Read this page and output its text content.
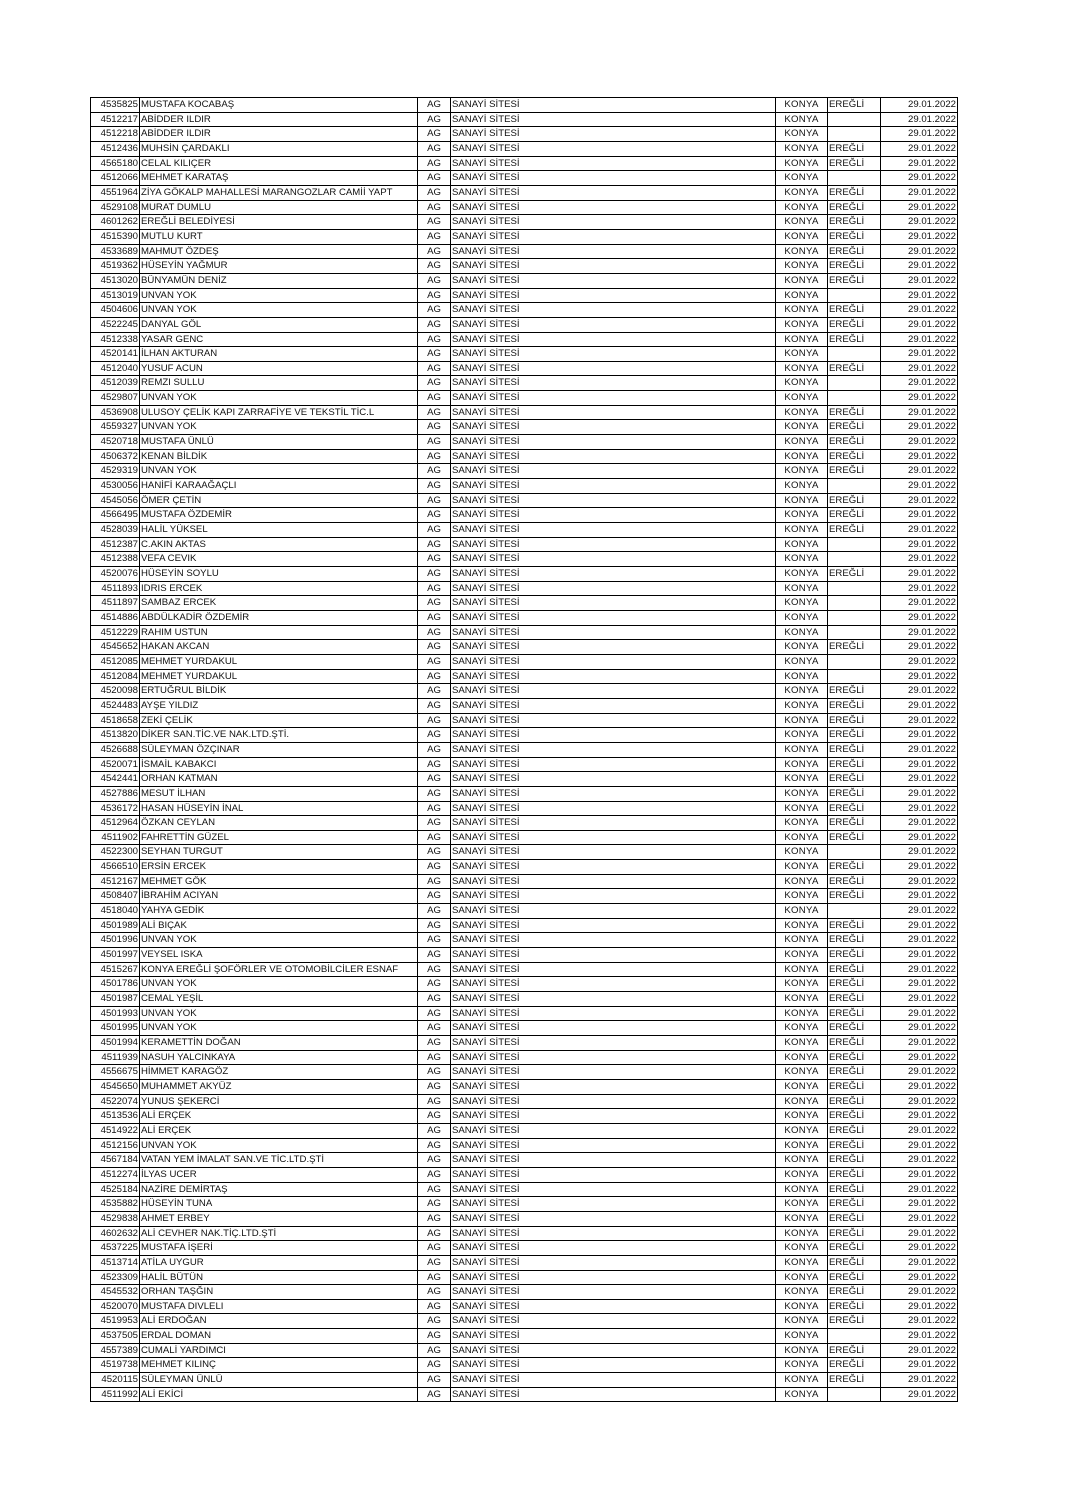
4535825	MUSTAFA KOCABAŞ	AG	SANAYİ SİTESİ	KONYA	EREĞLİ	29.01.2022
4512217	ABİDDER ILDIR	AG	SANAYİ SİTESİ	KONYA		29.01.2022
4512218	ABİDDER ILDIR	AG	SANAYİ SİTESİ	KONYA		29.01.2022
4512436	MUHSİN ÇARDAKLI	AG	SANAYİ SİTESİ	KONYA	EREĞLİ	29.01.2022
4565180	CELAL KILIÇER	AG	SANAYİ SİTESİ	KONYA	EREĞLİ	29.01.2022
4512066	MEHMET KARATAŞ	AG	SANAYİ SİTESİ	KONYA		29.01.2022
4551964	ZİYA GÖKALP MAHALLESİ MARANGOZLAR CAMİİ YAPT	AG	SANAYİ SİTESİ	KONYA	EREĞLİ	29.01.2022
4529108	MURAT DUMLU	AG	SANAYİ SİTESİ	KONYA	EREĞLİ	29.01.2022
4601262	EREĞLİ BELEDİYESİ	AG	SANAYİ SİTESİ	KONYA	EREĞLİ	29.01.2022
4515390	MUTLU KURT	AG	SANAYİ SİTESİ	KONYA	EREĞLİ	29.01.2022
4533689	MAHMUT ÖZDEŞ	AG	SANAYİ SİTESİ	KONYA	EREĞLİ	29.01.2022
4519362	HÜSEYİN YAĞMUR	AG	SANAYİ SİTESİ	KONYA	EREĞLİ	29.01.2022
4513020	BÜNYAMÜN DENİZ	AG	SANAYİ SİTESİ	KONYA	EREĞLİ	29.01.2022
4513019	UNVAN YOK	AG	SANAYİ SİTESİ	KONYA		29.01.2022
4504606	UNVAN YOK	AG	SANAYİ SİTESİ	KONYA	EREĞLİ	29.01.2022
4522245	DANYAL GÖL	AG	SANAYİ SİTESİ	KONYA	EREĞLİ	29.01.2022
4512338	YASAR GENC	AG	SANAYİ SİTESİ	KONYA	EREĞLİ	29.01.2022
4520141	İLHAN AKTURAN	AG	SANAYİ SİTESİ	KONYA		29.01.2022
4512040	YUSUF ACUN	AG	SANAYİ SİTESİ	KONYA	EREĞLİ	29.01.2022
4512039	REMZI SULLU	AG	SANAYİ SİTESİ	KONYA		29.01.2022
4529807	UNVAN YOK	AG	SANAYİ SİTESİ	KONYA		29.01.2022
4536908	ULUSOY ÇELİK KAPI ZARRAFİYE VE TEKSTİL TİC.L	AG	SANAYİ SİTESİ	KONYA	EREĞLİ	29.01.2022
4559327	UNVAN YOK	AG	SANAYİ SİTESİ	KONYA	EREĞLİ	29.01.2022
4520718	MUSTAFA ÜNLÜ	AG	SANAYİ SİTESİ	KONYA	EREĞLİ	29.01.2022
4506372	KENAN BİLDİK	AG	SANAYİ SİTESİ	KONYA	EREĞLİ	29.01.2022
4529319	UNVAN YOK	AG	SANAYİ SİTESİ	KONYA	EREĞLİ	29.01.2022
4530056	HANİFİ KARAAĞAÇLI	AG	SANAYİ SİTESİ	KONYA		29.01.2022
4545056	ÖMER ÇETİN	AG	SANAYİ SİTESİ	KONYA	EREĞLİ	29.01.2022
4566495	MUSTAFA ÖZDEMİR	AG	SANAYİ SİTESİ	KONYA	EREĞLİ	29.01.2022
4528039	HALİL YÜKSEL	AG	SANAYİ SİTESİ	KONYA	EREĞLİ	29.01.2022
4512387	C.AKIN AKTAS	AG	SANAYİ SİTESİ	KONYA		29.01.2022
4512388	VEFA CEVIK	AG	SANAYİ SİTESİ	KONYA		29.01.2022
4520076	HÜSEYİN SOYLU	AG	SANAYİ SİTESİ	KONYA	EREĞLİ	29.01.2022
4511893	IDRIS ERCEK	AG	SANAYİ SİTESİ	KONYA		29.01.2022
4511897	SAMBAZ ERCEK	AG	SANAYİ SİTESİ	KONYA		29.01.2022
4514886	ABDÜLKADİR ÖZDEMİR	AG	SANAYİ SİTESİ	KONYA		29.01.2022
4512229	RAHIM USTUN	AG	SANAYİ SİTESİ	KONYA		29.01.2022
4545652	HAKAN AKCAN	AG	SANAYİ SİTESİ	KONYA	EREĞLİ	29.01.2022
4512085	MEHMET YURDAKUL	AG	SANAYİ SİTESİ	KONYA		29.01.2022
4512084	MEHMET YURDAKUL	AG	SANAYİ SİTESİ	KONYA		29.01.2022
4520098	ERTUĞRUL BİLDİK	AG	SANAYİ SİTESİ	KONYA	EREĞLİ	29.01.2022
4524483	AYŞE YILDIZ	AG	SANAYİ SİTESİ	KONYA	EREĞLİ	29.01.2022
4518658	ZEKİ ÇELİK	AG	SANAYİ SİTESİ	KONYA	EREĞLİ	29.01.2022
4513820	DİKER SAN.TİC.VE NAK.LTD.ŞTİ.	AG	SANAYİ SİTESİ	KONYA	EREĞLİ	29.01.2022
4526688	SÜLEYMAN ÖZÇINAR	AG	SANAYİ SİTESİ	KONYA	EREĞLİ	29.01.2022
4520071	İSMAİL KABAKCI	AG	SANAYİ SİTESİ	KONYA	EREĞLİ	29.01.2022
4542441	ORHAN KATMAN	AG	SANAYİ SİTESİ	KONYA	EREĞLİ	29.01.2022
4527886	MESUT İLHAN	AG	SANAYİ SİTESİ	KONYA	EREĞLİ	29.01.2022
4536172	HASAN HÜSEYİN İNAL	AG	SANAYİ SİTESİ	KONYA	EREĞLİ	29.01.2022
4512964	ÖZKAN CEYLAN	AG	SANAYİ SİTESİ	KONYA	EREĞLİ	29.01.2022
4511902	FAHRETTİN GÜZEL	AG	SANAYİ SİTESİ	KONYA	EREĞLİ	29.01.2022
4522300	SEYHAN TURGUT	AG	SANAYİ SİTESİ	KONYA		29.01.2022
4566510	ERSİN ERCEK	AG	SANAYİ SİTESİ	KONYA	EREĞLİ	29.01.2022
4512167	MEHMET GÖK	AG	SANAYİ SİTESİ	KONYA	EREĞLİ	29.01.2022
4508407	İBRAHİM ACIYAN	AG	SANAYİ SİTESİ	KONYA	EREĞLİ	29.01.2022
4518040	YAHYA GEDİK	AG	SANAYİ SİTESİ	KONYA		29.01.2022
4501989	ALİ BIÇAK	AG	SANAYİ SİTESİ	KONYA	EREĞLİ	29.01.2022
4501996	UNVAN YOK	AG	SANAYİ SİTESİ	KONYA	EREĞLİ	29.01.2022
4501997	VEYSEL ISKA	AG	SANAYİ SİTESİ	KONYA	EREĞLİ	29.01.2022
4515267	KONYA EREĞLİ ŞOFÖRLER VE OTOMOBİLCİLER ESNAF	AG	SANAYİ SİTESİ	KONYA	EREĞLİ	29.01.2022
4501786	UNVAN YOK	AG	SANAYİ SİTESİ	KONYA	EREĞLİ	29.01.2022
4501987	CEMAL YEŞİL	AG	SANAYİ SİTESİ	KONYA	EREĞLİ	29.01.2022
4501993	UNVAN YOK	AG	SANAYİ SİTESİ	KONYA	EREĞLİ	29.01.2022
4501995	UNVAN YOK	AG	SANAYİ SİTESİ	KONYA	EREĞLİ	29.01.2022
4501994	KERAMETTİN DOĞAN	AG	SANAYİ SİTESİ	KONYA	EREĞLİ	29.01.2022
4511939	NASUH YALCINKAYA	AG	SANAYİ SİTESİ	KONYA	EREĞLİ	29.01.2022
4556675	HİMMET KARAGÖZ	AG	SANAYİ SİTESİ	KONYA	EREĞLİ	29.01.2022
4545650	MUHAMMET AKYÜZ	AG	SANAYİ SİTESİ	KONYA	EREĞLİ	29.01.2022
4522074	YUNUS ŞEKERCİ	AG	SANAYİ SİTESİ	KONYA	EREĞLİ	29.01.2022
4513536	ALİ ERÇEK	AG	SANAYİ SİTESİ	KONYA	EREĞLİ	29.01.2022
4514922	ALİ ERÇEK	AG	SANAYİ SİTESİ	KONYA	EREĞLİ	29.01.2022
4512156	UNVAN YOK	AG	SANAYİ SİTESİ	KONYA	EREĞLİ	29.01.2022
4567184	VATAN YEM İMALAT SAN.VE TİC.LTD.ŞTİ	AG	SANAYİ SİTESİ	KONYA	EREĞLİ	29.01.2022
4512274	İLYAS UCER	AG	SANAYİ SİTESİ	KONYA	EREĞLİ	29.01.2022
4525184	NAZİRE DEMİRTAŞ	AG	SANAYİ SİTESİ	KONYA	EREĞLİ	29.01.2022
4535882	HÜSEYİN TUNA	AG	SANAYİ SİTESİ	KONYA	EREĞLİ	29.01.2022
4529838	AHMET ERBEY	AG	SANAYİ SİTESİ	KONYA	EREĞLİ	29.01.2022
4602632	ALİ CEVHER NAK.TİÇ.LTD.ŞTİ	AG	SANAYİ SİTESİ	KONYA	EREĞLİ	29.01.2022
4537225	MUSTAFA İŞERİ	AG	SANAYİ SİTESİ	KONYA	EREĞLİ	29.01.2022
4513714	ATİLA UYGUR	AG	SANAYİ SİTESİ	KONYA	EREĞLİ	29.01.2022
4523309	HALİL BÜTÜN	AG	SANAYİ SİTESİ	KONYA	EREĞLİ	29.01.2022
4545532	ORHAN TAŞĞIN	AG	SANAYİ SİTESİ	KONYA	EREĞLİ	29.01.2022
4520070	MUSTAFA DIVLELI	AG	SANAYİ SİTESİ	KONYA	EREĞLİ	29.01.2022
4519953	ALİ ERDOĞAN	AG	SANAYİ SİTESİ	KONYA	EREĞLİ	29.01.2022
4537505	ERDAL DOMAN	AG	SANAYİ SİTESİ	KONYA		29.01.2022
4557389	CUMALİ YARDIMCI	AG	SANAYİ SİTESİ	KONYA	EREĞLİ	29.01.2022
4519738	MEHMET KILINÇ	AG	SANAYİ SİTESİ	KONYA	EREĞLİ	29.01.2022
4520115	SÜLEYMAN ÜNLÜ	AG	SANAYİ SİTESİ	KONYA	EREĞLİ	29.01.2022
4511992	ALİ EKİCİ	AG	SANAYİ SİTESİ	KONYA		29.01.2022
